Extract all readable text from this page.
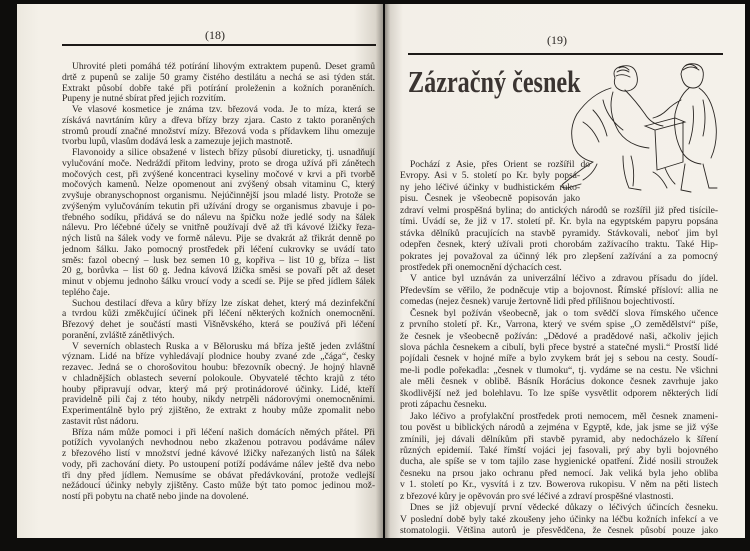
(18)	(19)
Zázračný česnek
Uhrovité pleti pomáhá též potírání lihovým extraktem pupenů. Deset gramů
drtě z pupenů se zalije 50 gramy čistého destilátu a nechá se asi týden stát.
Extrakt působí dobře také při potírání proleženin a kožních poraněních.
Pupeny je nutné sbírat před jejich rozvitím.
Ve vlasové kosmetice je známa tzv. březová voda. Je to míza, která se
získává navrtáním kůry a dřeva břízy brzy zjara. Často z takto poraněných
stromů proudí značné množství mízy. Březová voda s přídavkem lihu omezuje
tvorbu lupů, vlasům dodává lesk a zamezuje jejich mastnotě.
Flavonoidy a silice obsažené v listech břízy působí diureticky, tj. usnadňují
vylučování moče. Nedráždí přitom ledviny, proto se droga užívá při zánětech
močových cest, při zvýšené koncentraci kyseliny močové v krvi a při tvorbě
močových kamenů. Nelze opomenout ani zvýšený obsah vitaminu C, který
zvyšuje obranyschopnost organismu. Nejúčinnější jsou mladé listy. Protože se
zvýšeným vylučováním tekutin při užívání drogy se organismus zbavuje i po-
třebného sodíku, přidává se do nálevu na špičku nože jedlé sody na šálek
nálevu. Pro léčebné účely se vnitřně používají dvě až tři kávové lžičky řeza-
ných listů na šálek vody ve formě nálevu. Pije se dvakrát až třikrát denně po
jednom šálku. Jako pomocný prostředek při léčení cukrovky se uvádí tato
směs: fazol obecný – lusk bez semen 10 g, kopřiva – list 10 g, bříza – list
20 g, borůvka – list 60 g. Jedna kávová lžička směsi se povaří pět až deset
minut v objemu jednoho šálku vroucí vody a scedí se. Pije se před jídlem šálek
teplého čaje.
Suchou destilací dřeva a kůry břízy lze získat dehet, který má dezinfekční
a tvrdou kůži změkčující účinek při léčení některých kožních onemocnění.
Březový dehet je součástí masti Višněvského, která se používá při léčení
poranění, zvláště zánětlivých.
V severních oblastech Ruska a v Bělorusku má bříza ještě jeden zvláštní
význam. Lidé na bříze vyhledávají plodnice houby zvané zde „čága“, česky
rezavec. Jedná se o chorošovitou houbu: březovník obecný. Je hojný hlavně
v chladnějších oblastech severní polokoule. Obyvatelé těchto krajů z této
houby připravují odvar, který má prý protinádorové účinky. Lidé, kteří
pravidelně pili čaj z této houby, nikdy netrpěli nádorovými onemocněními.
Experimentálně bylo prý zjištěno, že extrakt z houby může zpomalit nebo
zastavit růst nádoru.
Bříza nám může pomoci i při léčení našich domácích němých přátel. Při
potížích vyvolaných nevhodnou nebo zkaženou potravou podáváme nálev
z březového listí v množství jedné kávové lžičky nařezaných listů na šálek
vody, při zachování diety. Po ustoupení potíží podáváme nálev ještě dva nebo
tři dny před jídlem. Nemusíme se obávat předávkování, protože vedlejší
nežádoucí účinky nebyly zjištěny. Často může být tato pomoc jedinou mož-
ností při pobytu na chatě nebo jinde na dovolené.
Pochází z Asie, přes Orient se rozšířil do
Evropy. Asi v 5. století po Kr. byly popsá-
ny jeho léčivé účinky v budhistickém ruko-
pisu. Česnek je všeobecně popisován jako
zdraví velmi prospěšná bylina; do antických národů se rozšířil již před tisícile-
tími. Uvádí se, že již v 17. století př. Kr. byla na egyptském papyru popsána
stávka dělníků pracujících na stavbě pyramidy. Stávkovali, neboť jim byl
odepřen česnek, který užívali proti chorobám zažívacího traktu. Také Hip-
pokrates jej považoval za účinný lék pro zlepšení zažívání a za pomocný
prostředek při onemocnění dýchacích cest.
V antice byl uznáván za univerzální léčivo a zdravou přísadu do jídel.
Především se věřilo, že podněcuje vtip a bojovnost. Římské přísloví: allia ne
comedas (nejez česnek) varuje žertovně lidi před přílišnou bojechtivostí.
Česnek byl požíván všeobecně, jak o tom svědčí slova římského učence
z prvního století př. Kr., Varrona, který ve svém spise „O zemědělství“ píše,
že česnek je všeobecně požíván: „Dědové a pradědové naši, ačkoliv jejich
slova páchla česnekem a cibulí, byli přece bystré a statečné mysli.“ Prostší lidé
pojídali česnek v hojné míře a bylo zvykem brát jej s sebou na cesty. Soudí-
me-li podle pořekadla: „česnek v tlumoku“, tj. vydáme se na cestu. Ne všichni
ale měli česnek v oblibě. Básník Horácius dokonce česnek zavrhuje jako
škodlivější než jed bolehlavu. To lze spíše vysvětlit odporem některých lidí
proti zápachu česneku.
Jako léčivo a profylakční prostředek proti nemocem, měl česnek znameni-
tou pověst u biblických národů a zejména v Egyptě, kde, jak jsme se již výše
zmínili, jej dávali dělníkům při stavbě pyramid, aby nedocházelo k šíření
různých epidemií. Také římští vojáci jej fasovali, prý aby byli bojovného
ducha, ale spíše se v tom tajilo zase hygienické opatření. Židé nosili stroužek
česneku na prsou jako ochranu před nemocí. Jak veliká byla jeho obliba
v 1. století po Kr., vysvítá i z tzv. Bowerova rukopisu. V něm na pěti listech
z březové kůry je opěvován pro své léčivé a zdraví prospěšné vlastnosti.
Dnes se již objevují první vědecké důkazy o léčivých účincích česneku.
V poslední době byly také zkoušeny jeho účinky na léčbu kožních infekcí a ve
stomatologii. Většina autorů je přesvědčena, že česnek působí pouze jako
